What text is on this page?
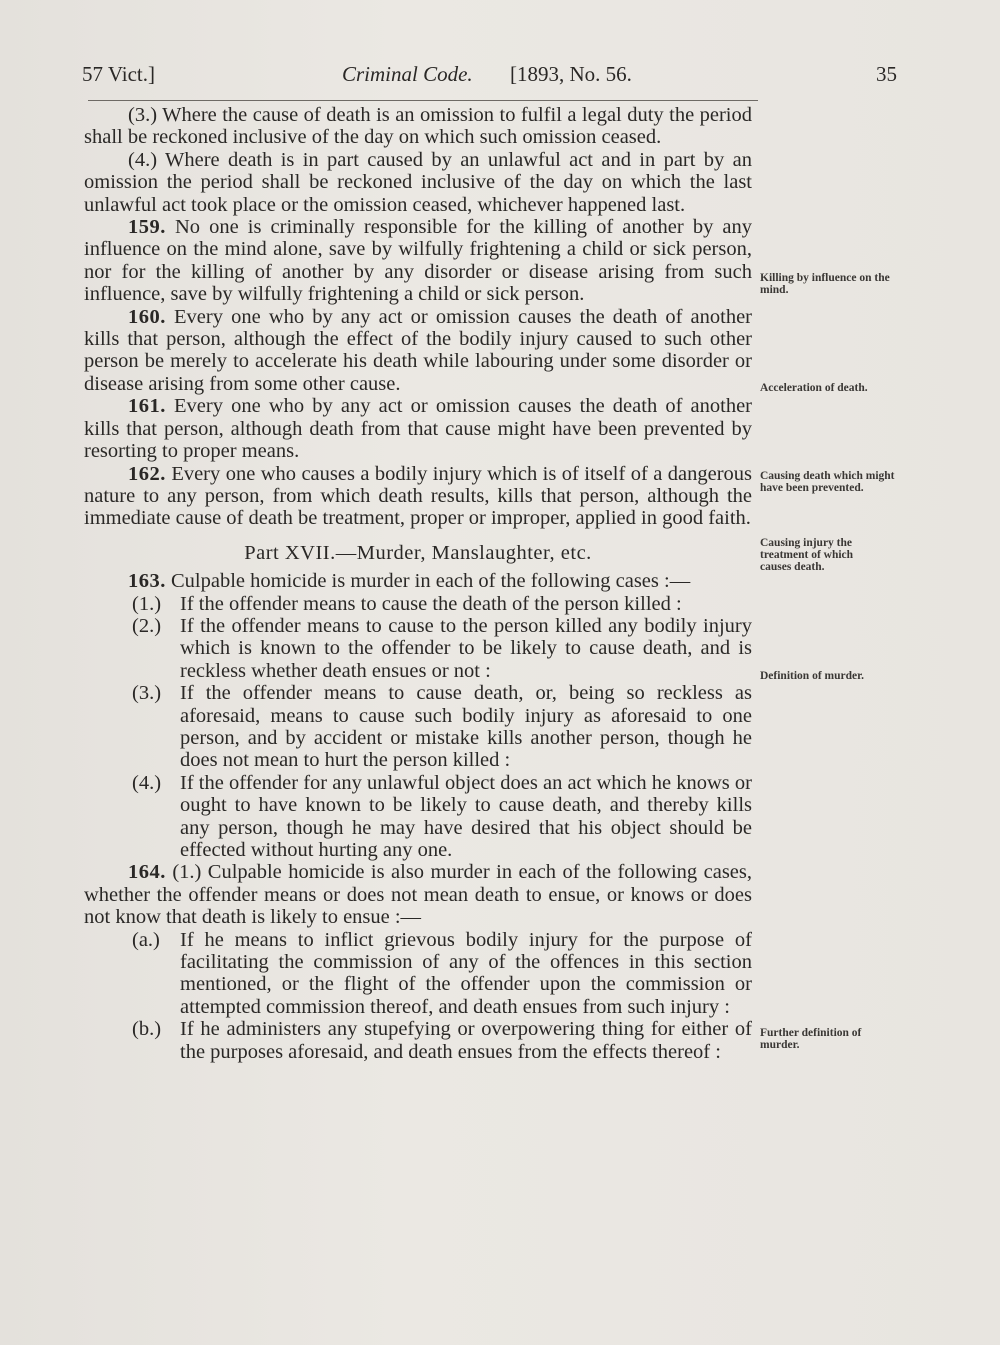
57 Vict.]	Criminal Code. [1893, No. 56.	35

(3.) Where the cause of death is an omission to fulfil a legal duty the period shall be reckoned inclusive of the day on which such omission ceased.

(4.) Where death is in part caused by an unlawful act and in part by an omission the period shall be reckoned inclusive of the day on which the last unlawful act took place or the omission ceased, whichever happened last.

159. No one is criminally responsible for the killing of another by any influence on the mind alone, save by wilfully frightening a child or sick person, nor for the killing of another by any disorder or disease arising from such influence, save by wilfully frightening a child or sick person.

160. Every one who by any act or omission causes the death of another kills that person, although the effect of the bodily injury caused to such other person be merely to accelerate his death while labouring under some disorder or disease arising from some other cause.

161. Every one who by any act or omission causes the death of another kills that person, although death from that cause might have been prevented by resorting to proper means.

162. Every one who causes a bodily injury which is of itself of a dangerous nature to any person, from which death results, kills that person, although the immediate cause of death be treatment, proper or improper, applied in good faith.

Part XVII.—Murder, Manslaughter, etc.

163. Culpable homicide is murder in each of the following cases :—

(1.) If the offender means to cause the death of the person killed :

(2.) If the offender means to cause to the person killed any bodily injury which is known to the offender to be likely to cause death, and is reckless whether death ensues or not :

(3.) If the offender means to cause death, or, being so reckless as aforesaid, means to cause such bodily injury as aforesaid to one person, and by accident or mistake kills another person, though he does not mean to hurt the person killed :

(4.) If the offender for any unlawful object does an act which he knows or ought to have known to be likely to cause death, and thereby kills any person, though he may have desired that his object should be effected without hurting any one.

164. (1.) Culpable homicide is also murder in each of the following cases, whether the offender means or does not mean death to ensue, or knows or does not know that death is likely to ensue :—

(a.) If he means to inflict grievous bodily injury for the purpose of facilitating the commission of any of the offences in this section mentioned, or the flight of the offender upon the commission or attempted commission thereof, and death ensues from such injury :

(b.) If he administers any stupefying or overpowering thing for either of the purposes aforesaid, and death ensues from the effects thereof :

Killing by influence on the mind.
Acceleration of death.
Causing death which might have been prevented.
Causing injury the treatment of which causes death.
Definition of murder.
Further definition of murder.
